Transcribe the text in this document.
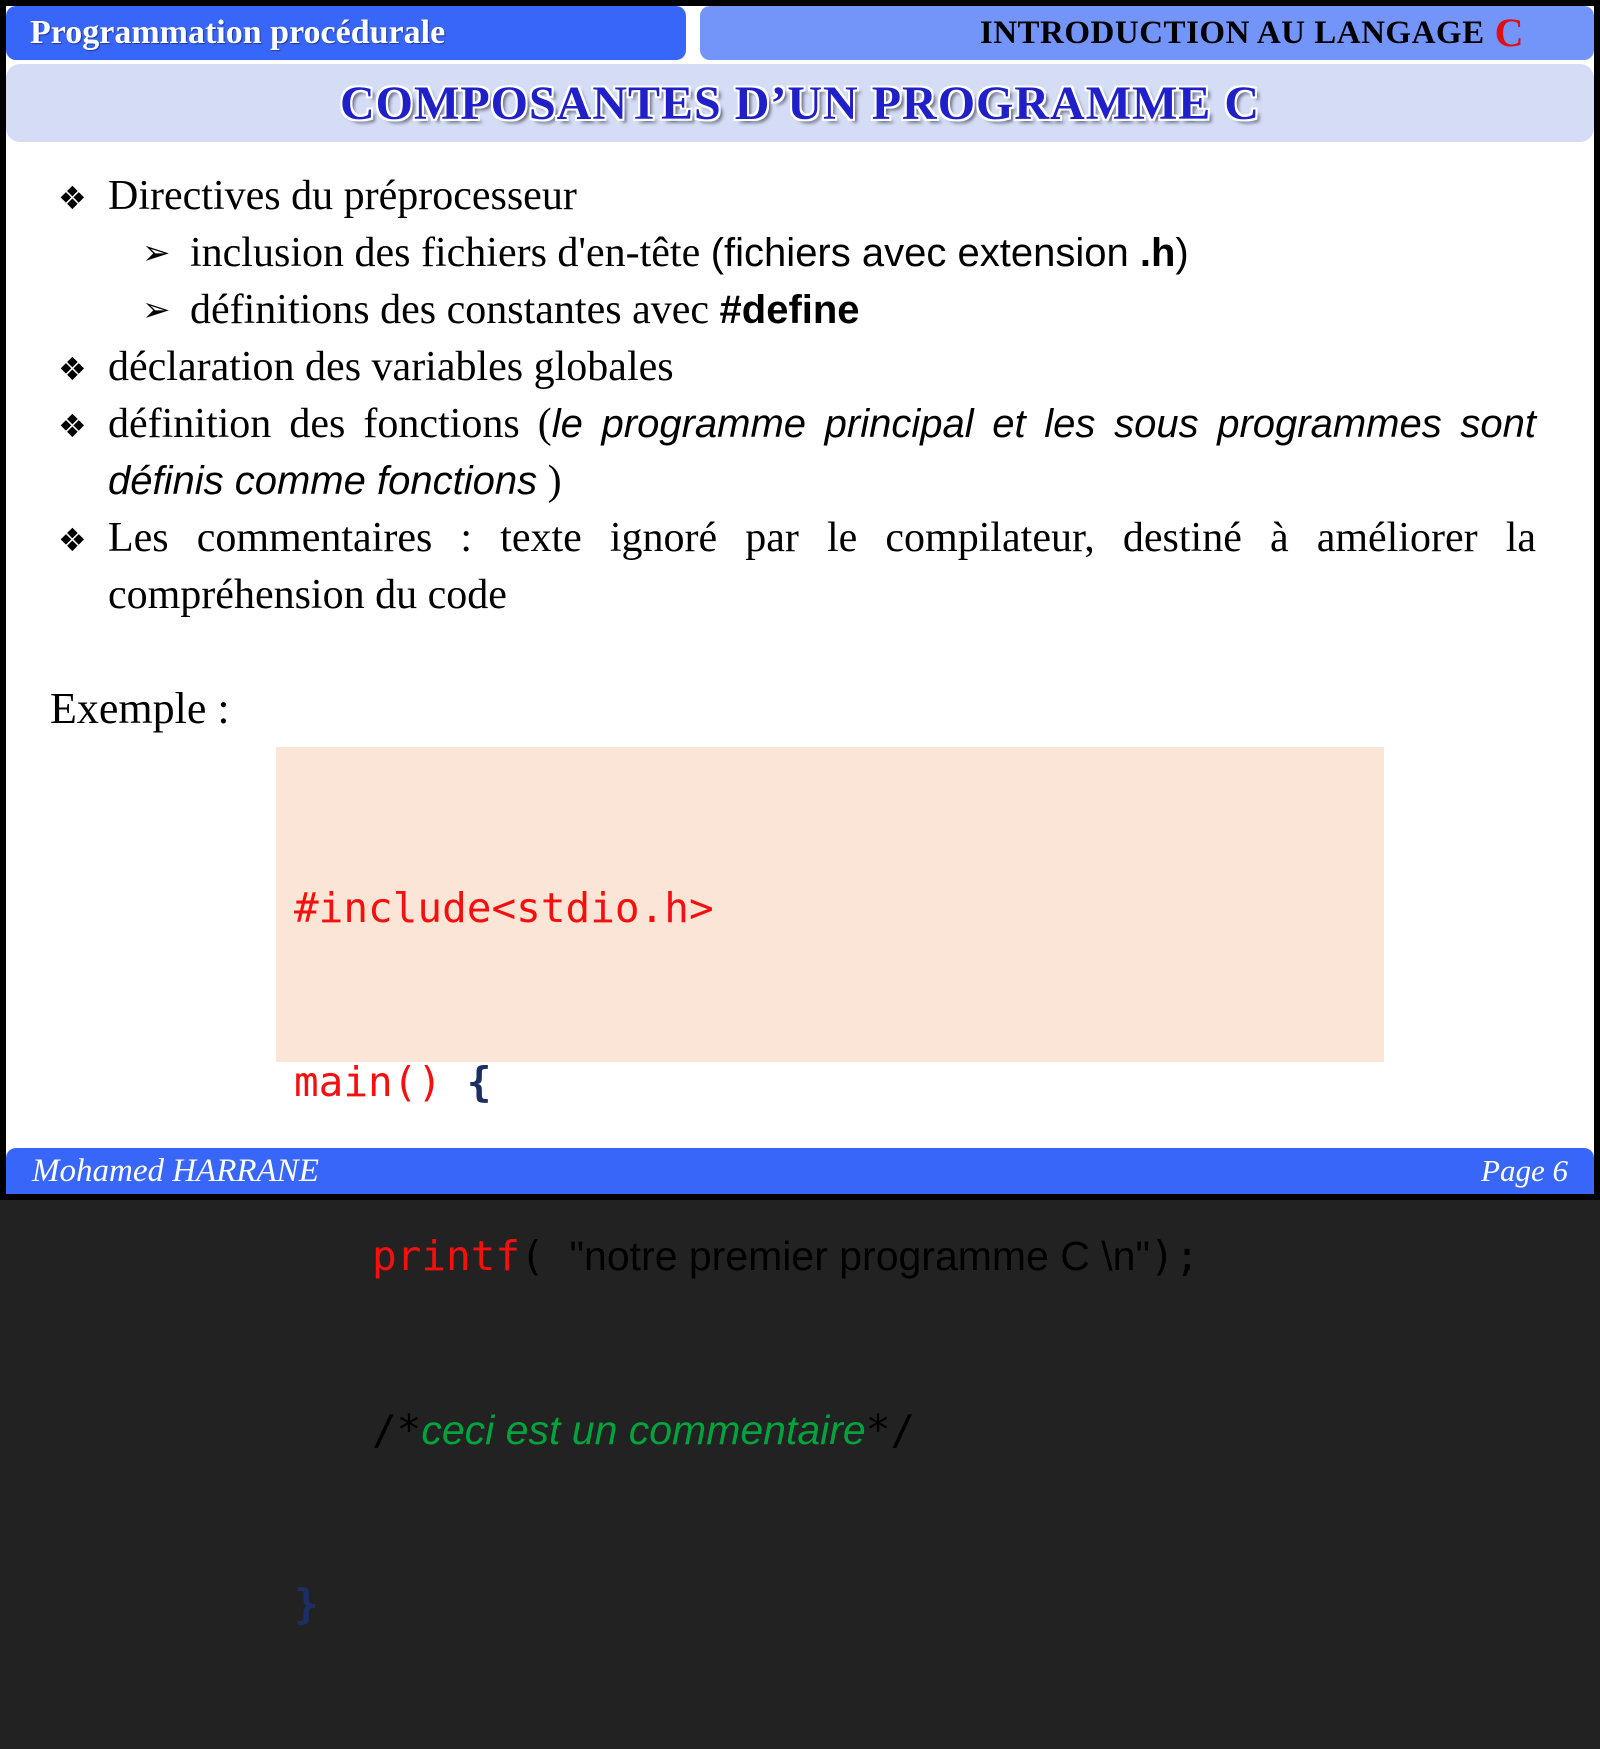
Programmation procédurale	INTRODUCTION AU LANGAGE C
COMPOSANTES D’UN PROGRAMME C

❖ Directives du préprocesseur

➢ inclusion des fichiers d'en-tête (fichiers avec extension .h)

➢ définitions des constantes avec #define

❖ déclaration des variables globales

❖ définition des fonctions (le programme principal et les sous programmes sont définis comme fonctions )

❖ Les commentaires : texte ignoré par le compilateur, destiné à améliorer la compréhension du code

Exemple :

#include<stdio.h>

main() {

printf( "notre premier programme C \n");

/*ceci est un commentaire*/

}

Mohamed HARRANE	Page 6
